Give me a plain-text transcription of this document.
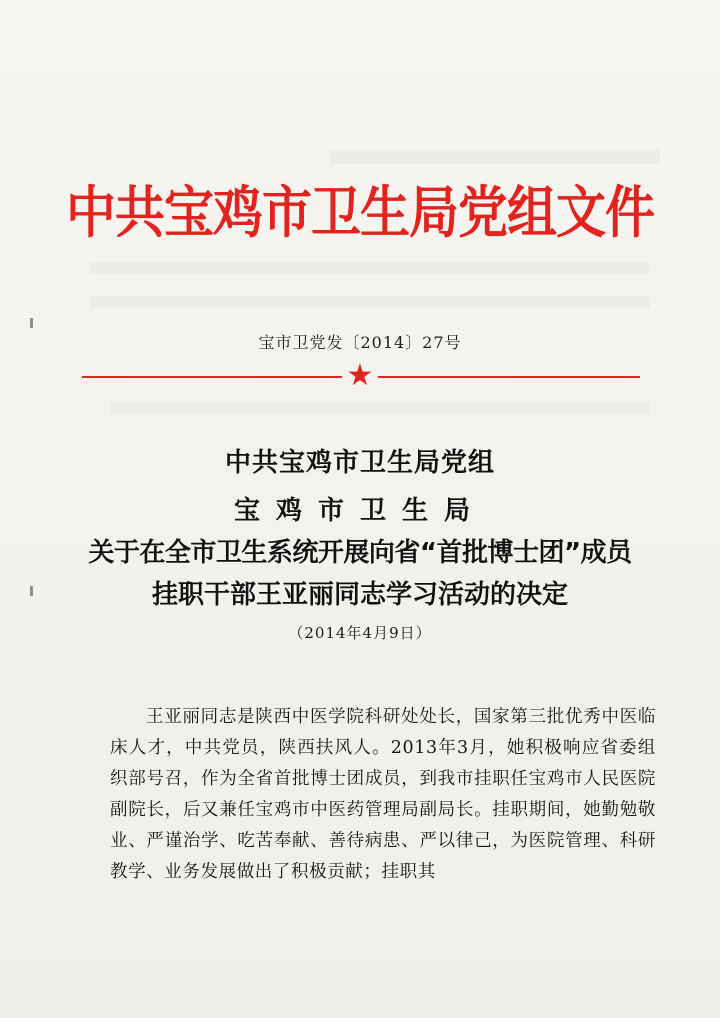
中共宝鸡市卫生局党组文件
宝市卫党发〔2014〕27号
★
中共宝鸡市卫生局党组
宝鸡市卫生局
关于在全市卫生系统开展向省“首批博士团”成员
挂职干部王亚丽同志学习活动的决定
（2014年4月9日）

王亚丽同志是陕西中医学院科研处处长，国家第三批优秀中医临床人才，中共党员，陕西扶风人。2013年3月，她积极响应省委组织部号召，作为全省首批博士团成员，到我市挂职任宝鸡市人民医院副院长，后又兼任宝鸡市中医药管理局副局长。挂职期间，她勤勉敬业、严谨治学、吃苦奉献、善待病患、严以律己，为医院管理、科研教学、业务发展做出了积极贡献；挂职其
